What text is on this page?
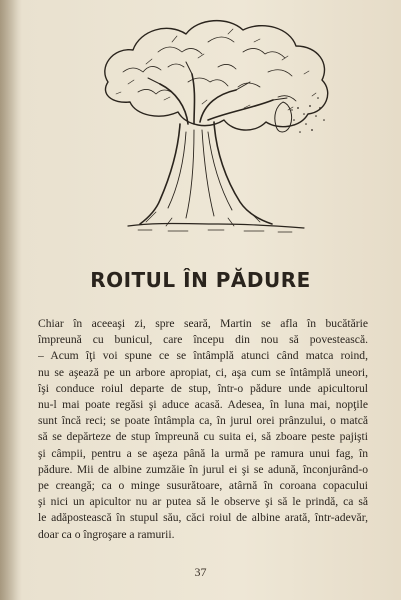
ROITUL ÎN PĂDURE
Chiar în aceeaşi zi, spre seară, Martin se afla în bucătărie
împreună cu bunicul, care începu din nou să povestească.
– Acum îţi voi spune ce se întâmplă atunci când matca roind,
nu se aşează pe un arbore apropiat, ci, aşa cum se întâmplă uneori,
îşi conduce roiul departe de stup, într-o pădure unde apicultorul
nu-l mai poate regăsi şi aduce acasă. Adesea, în luna mai, nopţile
sunt încă reci; se poate întâmpla ca, în jurul orei prânzului, o matcă
să se depărteze de stup împreună cu suita ei, să zboare peste pajişti
şi câmpii, pentru a se aşeza până la urmă pe ramura unui fag, în
pădure. Mii de albine zumzăie în jurul ei şi se adună, înconjurând-o
pe creangă; ca o minge susurătoare, atârnă în coroana copacului
şi nici un apicultor nu ar putea să le observe şi să le prindă, ca să
le adăpostească în stupul său, căci roiul de albine arată, într-adevăr,
doar ca o îngroşare a ramurii.
37
